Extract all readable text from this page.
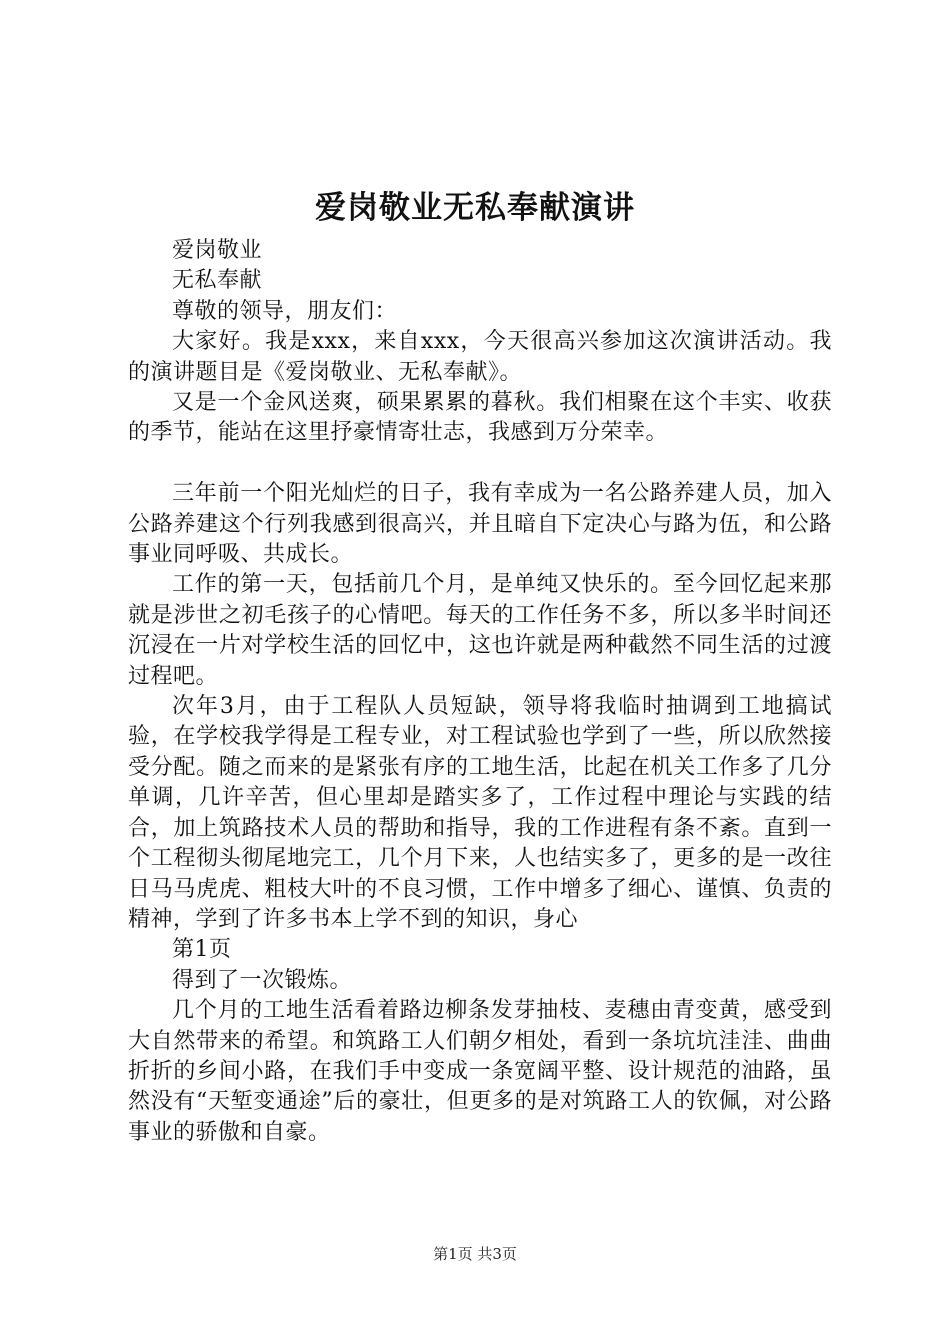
爱岗敬业无私奉献演讲

爱岗敬业

无私奉献

尊敬的领导，朋友们：

大家好。我是xxx，来自xxx，今天很高兴参加这次演讲活动。我的演讲题目是《爱岗敬业、无私奉献》。

又是一个金风送爽，硕果累累的暮秋。我们相聚在这个丰实、收获的季节，能站在这里抒豪情寄壮志，我感到万分荣幸。

三年前一个阳光灿烂的日子，我有幸成为一名公路养建人员，加入公路养建这个行列我感到很高兴，并且暗自下定决心与路为伍，和公路事业同呼吸、共成长。

工作的第一天，包括前几个月，是单纯又快乐的。至今回忆起来那就是涉世之初毛孩子的心情吧。每天的工作任务不多，所以多半时间还沉浸在一片对学校生活的回忆中，这也许就是两种截然不同生活的过渡过程吧。

次年3月，由于工程队人员短缺，领导将我临时抽调到工地搞试验，在学校我学得是工程专业，对工程试验也学到了一些，所以欣然接受分配。随之而来的是紧张有序的工地生活，比起在机关工作多了几分单调，几许辛苦，但心里却是踏实多了，工作过程中理论与实践的结合，加上筑路技术人员的帮助和指导，我的工作进程有条不紊。直到一个工程彻头彻尾地完工，几个月下来，人也结实多了，更多的是一改往日马马虎虎、粗枝大叶的不良习惯，工作中增多了细心、谨慎、负责的精神，学到了许多书本上学不到的知识，身心

第1页

得到了一次锻炼。

几个月的工地生活看着路边柳条发芽抽枝、麦穗由青变黄，感受到大自然带来的希望。和筑路工人们朝夕相处，看到一条坑坑洼洼、曲曲折折的乡间小路，在我们手中变成一条宽阔平整、设计规范的油路，虽然没有“天堑变通途”后的豪壮，但更多的是对筑路工人的钦佩，对公路事业的骄傲和自豪。

第1页 共3页
